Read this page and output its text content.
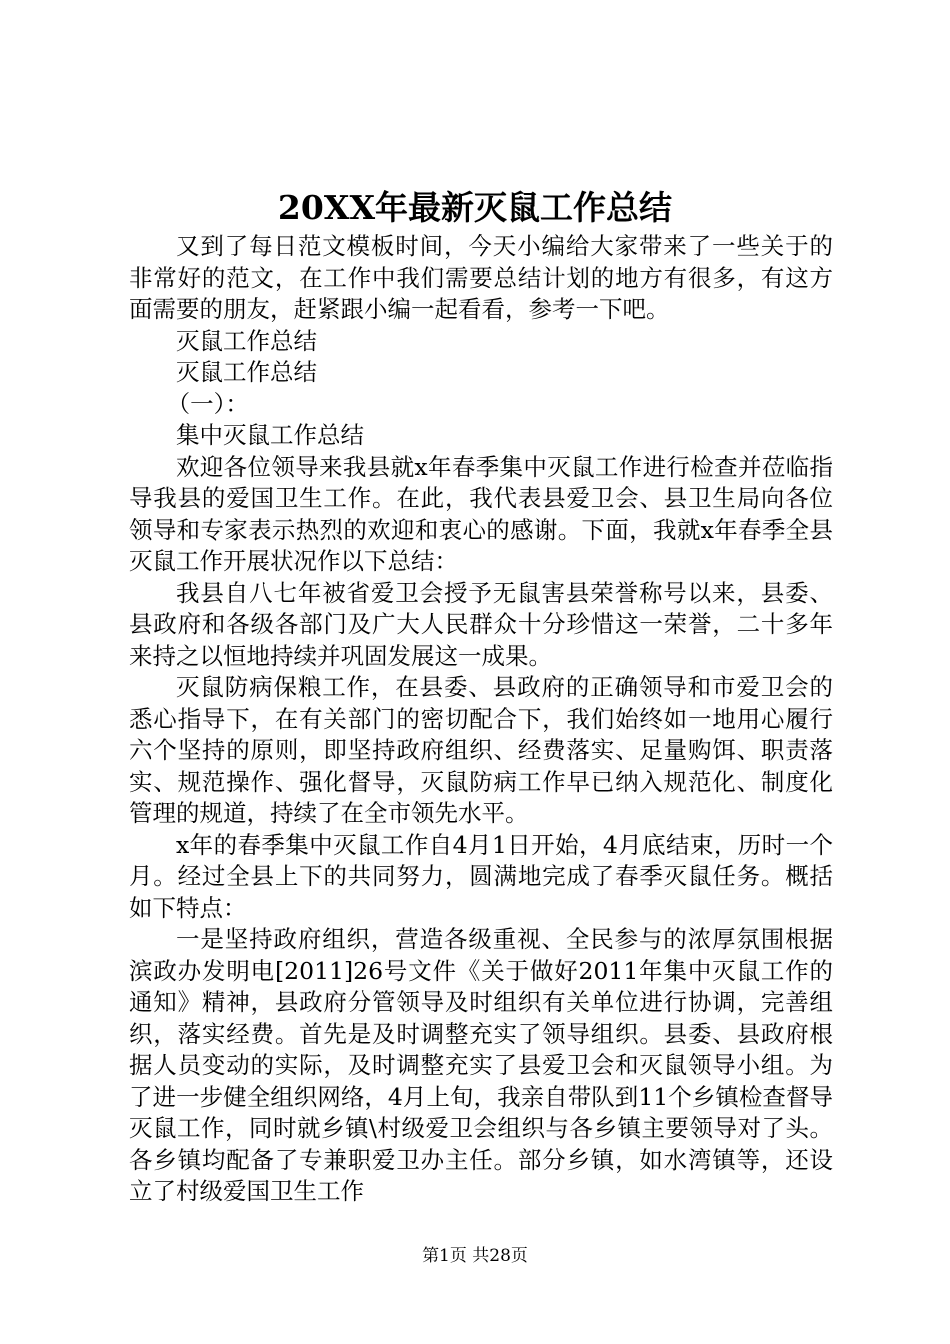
20XX年最新灭鼠工作总结

又到了每日范文模板时间，今天小编给大家带来了一些关于的非常好的范文，在工作中我们需要总结计划的地方有很多，有这方面需要的朋友，赶紧跟小编一起看看，参考一下吧。

灭鼠工作总结

灭鼠工作总结

（一）：

集中灭鼠工作总结

欢迎各位领导来我县就x年春季集中灭鼠工作进行检查并莅临指导我县的爱国卫生工作。在此，我代表县爱卫会、县卫生局向各位领导和专家表示热烈的欢迎和衷心的感谢。下面，我就x年春季全县灭鼠工作开展状况作以下总结：

我县自八七年被省爱卫会授予无鼠害县荣誉称号以来，县委、县政府和各级各部门及广大人民群众十分珍惜这一荣誉，二十多年来持之以恒地持续并巩固发展这一成果。

灭鼠防病保粮工作，在县委、县政府的正确领导和市爱卫会的悉心指导下，在有关部门的密切配合下，我们始终如一地用心履行六个坚持的原则，即坚持政府组织、经费落实、足量购饵、职责落实、规范操作、强化督导，灭鼠防病工作早已纳入规范化、制度化管理的规道，持续了在全市领先水平。

x年的春季集中灭鼠工作自4月1日开始，4月底结束，历时一个月。经过全县上下的共同努力，圆满地完成了春季灭鼠任务。概括如下特点：

一是坚持政府组织，营造各级重视、全民参与的浓厚氛围根据滨政办发明电[2011]26号文件《关于做好2011年集中灭鼠工作的通知》精神，县政府分管领导及时组织有关单位进行协调，完善组织，落实经费。首先是及时调整充实了领导组织。县委、县政府根据人员变动的实际，及时调整充实了县爱卫会和灭鼠领导小组。为了进一步健全组织网络，4月上旬，我亲自带队到11个乡镇检查督导灭鼠工作，同时就乡镇\村级爱卫会组织与各乡镇主要领导对了头。各乡镇均配备了专兼职爱卫办主任。部分乡镇，如水湾镇等，还设立了村级爱国卫生工作

第1页 共28页
